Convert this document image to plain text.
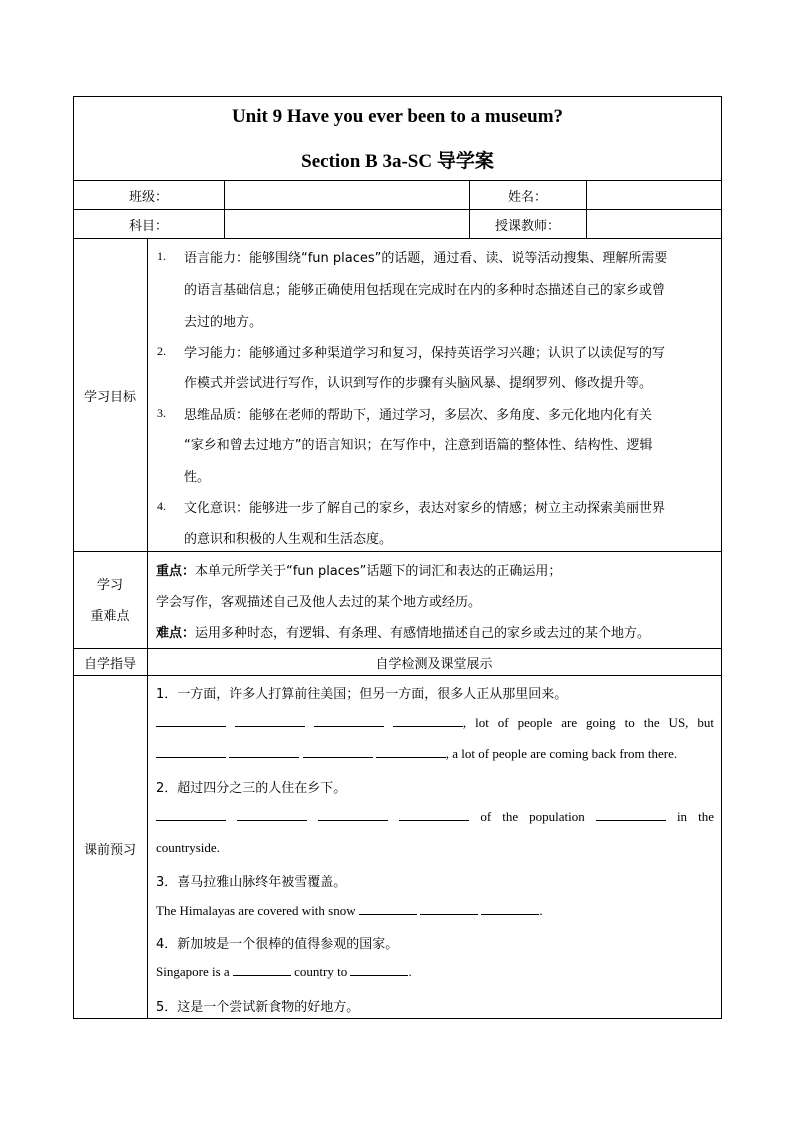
Unit 9 Have you ever been to a museum?
Section B 3a-SC 导学案
班级：	姓名：
科目：	授课教师：
学习目标
1. 语言能力：能够围绕“fun places”的话题，通过看、读、说等活动搜集、理解所需要
的语言基础信息；能够正确使用包括现在完成时在内的多种时态描述自己的家乡或曾
去过的地方。
2. 学习能力：能够通过多种渠道学习和复习，保持英语学习兴趣；认识了以读促写的写
作模式并尝试进行写作，认识到写作的步骤有头脑风暴、提纲罗列、修改提升等。
3. 思维品质：能够在老师的帮助下，通过学习，多层次、多角度、多元化地内化有关
“家乡和曾去过地方”的语言知识；在写作中，注意到语篇的整体性、结构性、逻辑
性。
4. 文化意识：能够进一步了解自己的家乡，表达对家乡的情感；树立主动探索美丽世界
的意识和积极的人生观和生活态度。
学习
重难点
重点：本单元所学关于“fun places”话题下的词汇和表达的正确运用；
学会写作，客观描述自己及他人去过的某个地方或经历。
难点：运用多种时态，有逻辑、有条理、有感情地描述自己的家乡或去过的某个地方。
自学指导	自学检测及课堂展示
课前预习
1．一方面，许多人打算前往美国；但另一方面，很多人正从那里回来。
, lot of people are going to the US, but
, a lot of people are coming back from there.
2．超过四分之三的人住在乡下。
of the population	in the
countryside.
3．喜马拉雅山脉终年被雪覆盖。
The Himalayas are covered with snow	.
4．新加坡是一个很棒的值得参观的国家。
Singapore is a	country to	.
5．这是一个尝试新食物的好地方。
